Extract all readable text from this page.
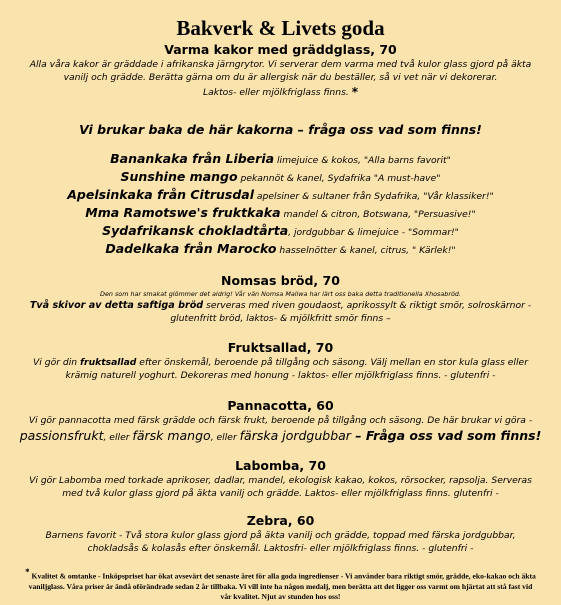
Bakverk & Livets goda
Varma kakor med gräddglass, 70
Alla våra kakor är gräddade i afrikanska järngrytor. Vi serverar dem varma med två kulor glass gjord på äkta
vanilj och grädde. Berätta gärna om du är allergisk när du beställer, så vi vet när vi dekorerar.
Laktos- eller mjölkfriglass finns. *
Vi brukar baka de här kakorna – fråga oss vad som finns!
Banankaka från Liberia limejuice & kokos, "Alla barns favorit"
Sunshine mango pekannöt & kanel, Sydafrika "A must-have"
Apelsinkaka från Citrusdal apelsiner & sultaner från Sydafrika, "Vår klassiker!"
Mma Ramotswe's fruktkaka mandel & citron, Botswana, "Persuasive!"
Sydafrikansk chokladtårta, jordgubbar & limejuice - "Sommar!"
Dadelkaka från Marocko hasselnötter & kanel, citrus, " Kärlek!"
Nomsas bröd, 70
Den som har smakat glömmer det aldrig! Vår vän Nomsa Maliwa har lärt oss baka detta traditionella Xhosabröd.
Två skivor av detta saftiga bröd serveras med riven goudaost, aprikossylt & riktigt smör, solroskärnor -
glutenfritt bröd, laktos- & mjölkfritt smör finns –
Fruktsallad, 70
Vi gör din fruktsallad efter önskemål, beroende på tillgång och säsong. Välj mellan en stor kula glass eller
krämig naturell yoghurt. Dekoreras med honung - laktos- eller mjölkfriglass finns. - glutenfri -
Pannacotta, 60
Vi gör pannacotta med färsk grädde och färsk frukt, beroende på tillgång och säsong. De här brukar vi göra -
passionsfrukt, eller färsk mango, eller färska jordgubbar – Fråga oss vad som finns!
Labomba, 70
Vi gör Labomba med torkade aprikoser, dadlar, mandel, ekologisk kakao, kokos, rörsocker, rapsolja. Serveras
med två kulor glass gjord på äkta vanilj och grädde. Laktos- eller mjölkfriglass finns. glutenfri -
Zebra, 60
Barnens favorit - Två stora kulor glass gjord på äkta vanilj och grädde, toppad med färska jordgubbar,
chokladsås & kolasås efter önskemål. Laktosfri- eller mjölkfriglass finns. - glutenfri -
* Kvalitet & omtanke - Inköpspriset har ökat avsevärt det senaste året för alla goda ingredienser - Vi använder bara riktigt smör, grädde, eko-kakao och äkta
vaniljglass. Våra priser är ändå oförändrade sedan 2 år tillbaka. Vi vill inte ha någon medalj, men berätta att det ligger oss varmt om hjärtat att stå fast vid
vår kvalitet. Njut av stunden hos oss!
